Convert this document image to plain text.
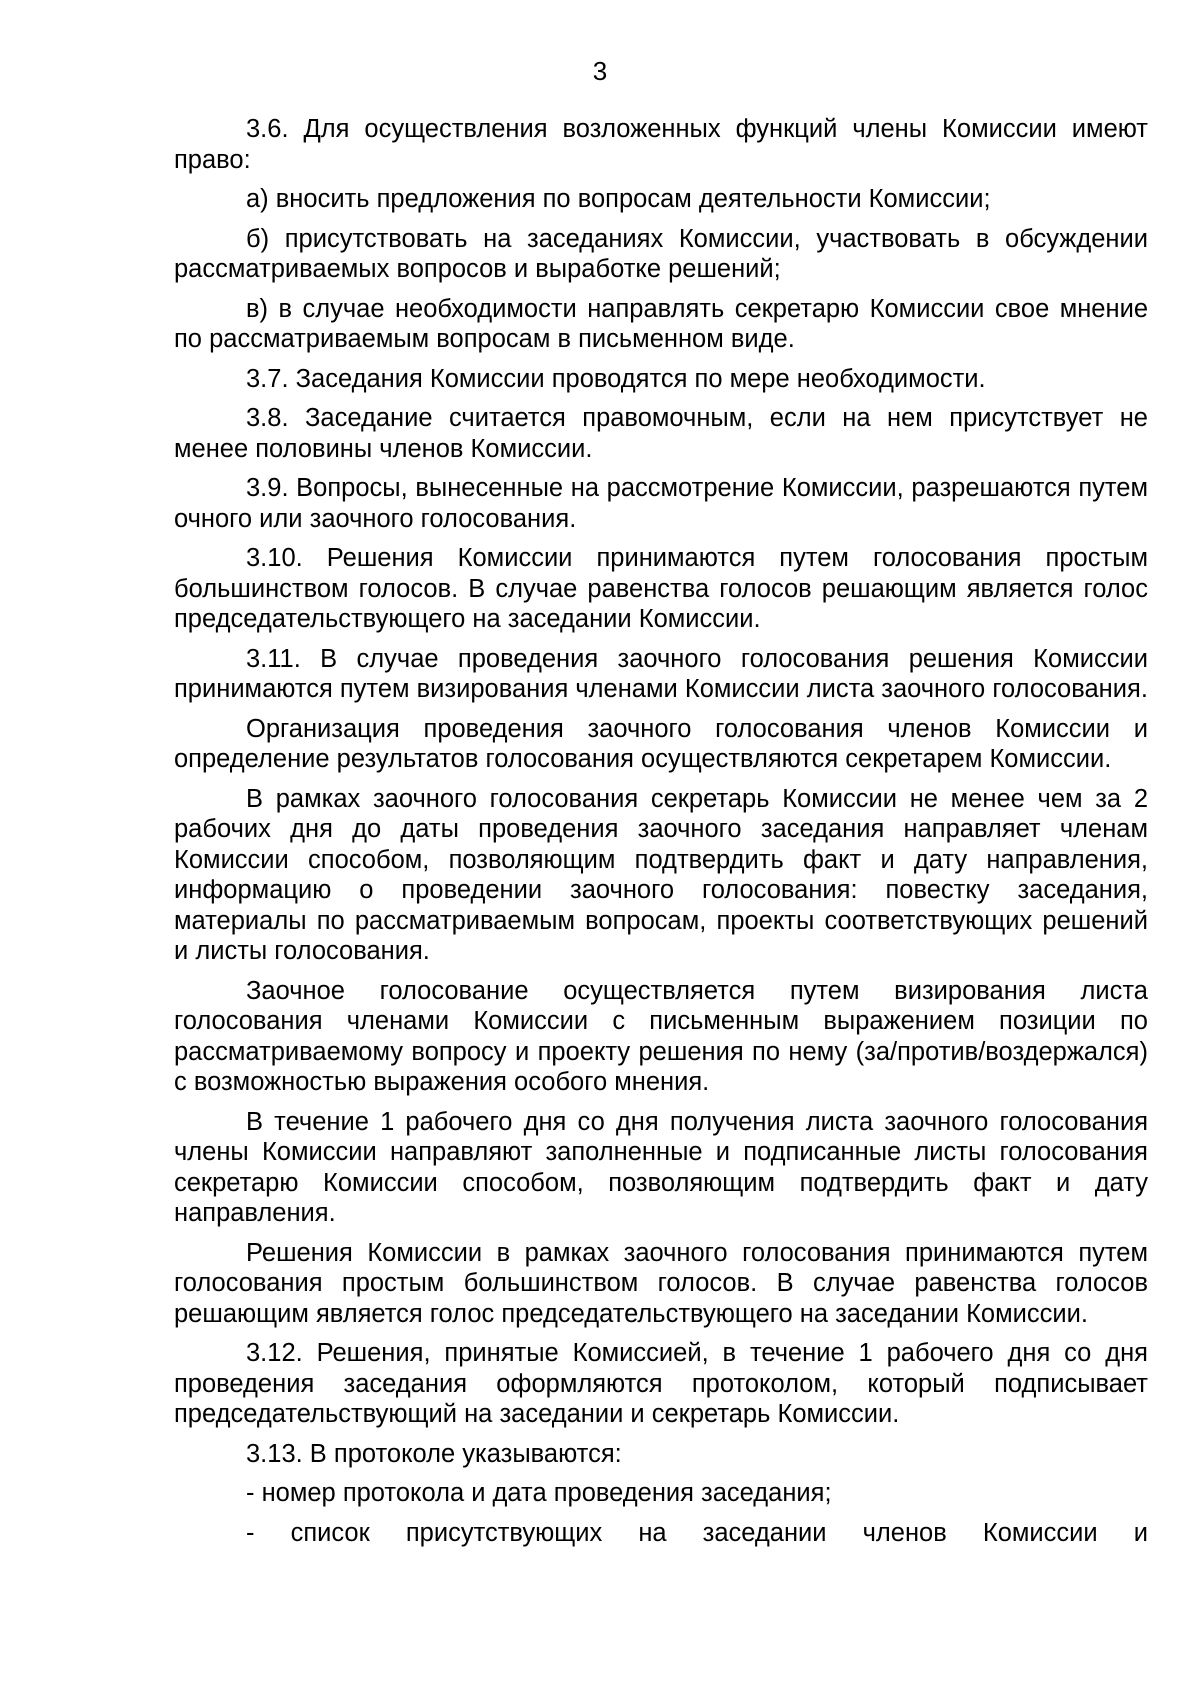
3

3.6. Для осуществления возложенных функций члены Комиссии имеют право:

а) вносить предложения по вопросам деятельности Комиссии;

б) присутствовать на заседаниях Комиссии, участвовать в обсуждении рассматриваемых вопросов и выработке решений;

в) в случае необходимости направлять секретарю Комиссии свое мнение по рассматриваемым вопросам в письменном виде.

3.7. Заседания Комиссии проводятся по мере необходимости.

3.8. Заседание считается правомочным, если на нем присутствует не менее половины членов Комиссии.

3.9. Вопросы, вынесенные на рассмотрение Комиссии, разрешаются путем очного или заочного голосования.

3.10. Решения Комиссии принимаются путем голосования простым большинством голосов. В случае равенства голосов решающим является голос председательствующего на заседании Комиссии.

3.11. В случае проведения заочного голосования решения Комиссии принимаются путем визирования членами Комиссии листа заочного голосования.

Организация проведения заочного голосования членов Комиссии и определение результатов голосования осуществляются секретарем Комиссии.

В рамках заочного голосования секретарь Комиссии не менее чем за 2 рабочих дня до даты проведения заочного заседания направляет членам Комиссии способом, позволяющим подтвердить факт и дату направления, информацию о проведении заочного голосования: повестку заседания, материалы по рассматриваемым вопросам, проекты соответствующих решений и листы голосования.

Заочное голосование осуществляется путем визирования листа голосования членами Комиссии с письменным выражением позиции по рассматриваемому вопросу и проекту решения по нему (за/против/воздержался) с возможностью выражения особого мнения.

В течение 1 рабочего дня со дня получения листа заочного голосования члены Комиссии направляют заполненные и подписанные листы голосования секретарю Комиссии способом, позволяющим подтвердить факт и дату направления.

Решения Комиссии в рамках заочного голосования принимаются путем голосования простым большинством голосов. В случае равенства голосов решающим является голос председательствующего на заседании Комиссии.

3.12. Решения, принятые Комиссией, в течение 1 рабочего дня со дня проведения заседания оформляются протоколом, который подписывает председательствующий на заседании и секретарь Комиссии.

3.13. В протоколе указываются:

- номер протокола и дата проведения заседания;

- список присутствующих на заседании членов Комиссии и
